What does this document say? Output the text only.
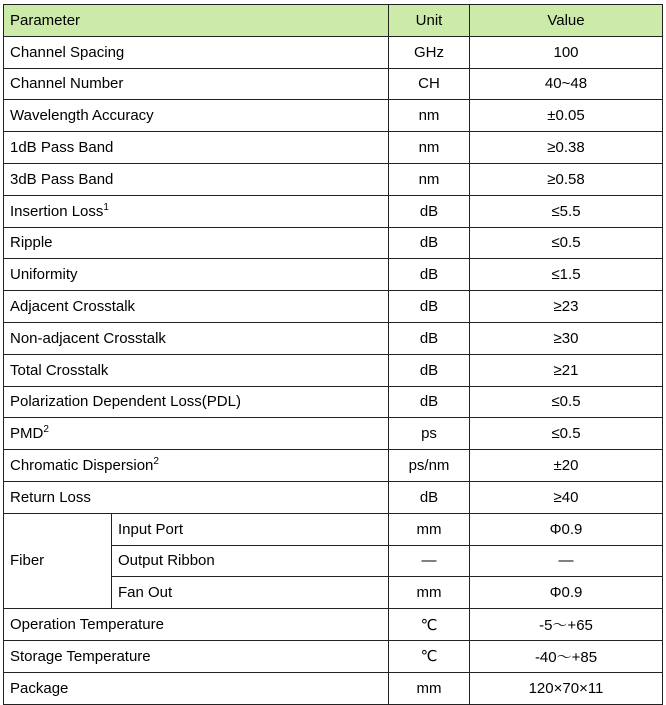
Parameter		Unit	Value
Channel Spacing		GHz	100
Channel Number		CH	40~48
Wavelength Accuracy		nm	±0.05
1dB Pass Band		nm	≥0.38
3dB Pass Band		nm	≥0.58
Insertion Loss$^1$		dB	≤5.5
Ripple		dB	≤0.5
Uniformity		dB	≤1.5
Adjacent Crosstalk		dB	≥23
Non-adjacent Crosstalk		dB	≥30
Total Crosstalk		dB	≥21
Polarization Dependent Loss(PDL)		dB	≤0.5
PMD$^2$		ps	≤0.5
Chromatic Dispersion$^2$		ps/nm	±20
Return Loss		dB	≥40
Fiber	Input Port	mm	Φ0.9
	Output Ribbon	—	—
	Fan Out	mm	Φ0.9
Operation Temperature		℃	-5～+65
Storage Temperature		℃	-40～+85
Package		mm	120×70×11
